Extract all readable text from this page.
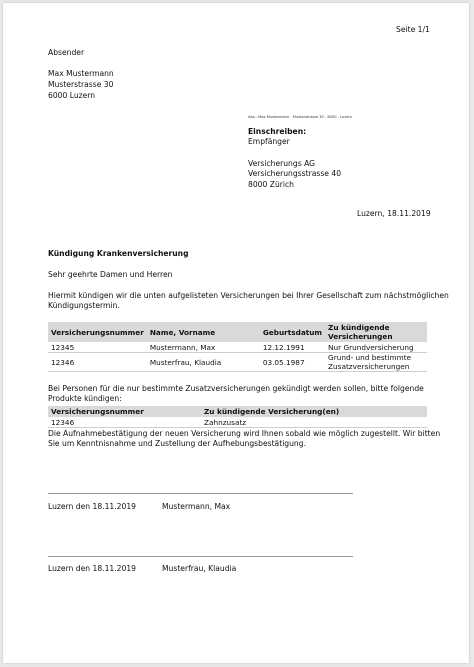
Seite 1/1
Absender
Max Mustermann
Musterstrasse 30
6000 Luzern
Abs.: Max Mustermann - Musterstrasse 30 - 6000 - Luzern
Einschreiben:
Empfänger
Versicherungs AG
Versicherungsstrasse 40
8000 Zürich
Luzern, 18.11.2019
Kündigung Krankenversicherung
Sehr geehrte Damen und Herren
Hiermit kündigen wir die unten aufgelisteten Versicherungen bei Ihrer Gesellschaft zum nächstmöglichen
Kündigungstermin.
Versicherungsnummer	Name, Vorname	Geburtsdatum	Zu kündigende Versicherungen
12345	Mustermann, Max	12.12.1991	Nur Grundversicherung
12346	Musterfrau, Klaudia	03.05.1987	Grund- und bestimmte Zusatzversicherungen
Bei Personen für die nur bestimmte Zusatzversicherungen gekündigt werden sollen, bitte folgende
Produkte kündigen:
Versicherungsnummer	Zu kündigende Versicherung(en)
12346	Zahnzusatz
Die Aufnahmebestätigung der neuen Versicherung wird Ihnen sobald wie möglich zugestellt. Wir bitten
Sie um Kenntnisnahme und Zustellung der Aufhebungsbestätigung.
Luzern den 18.11.2019	Mustermann, Max
Luzern den 18.11.2019	Musterfrau, Klaudia
